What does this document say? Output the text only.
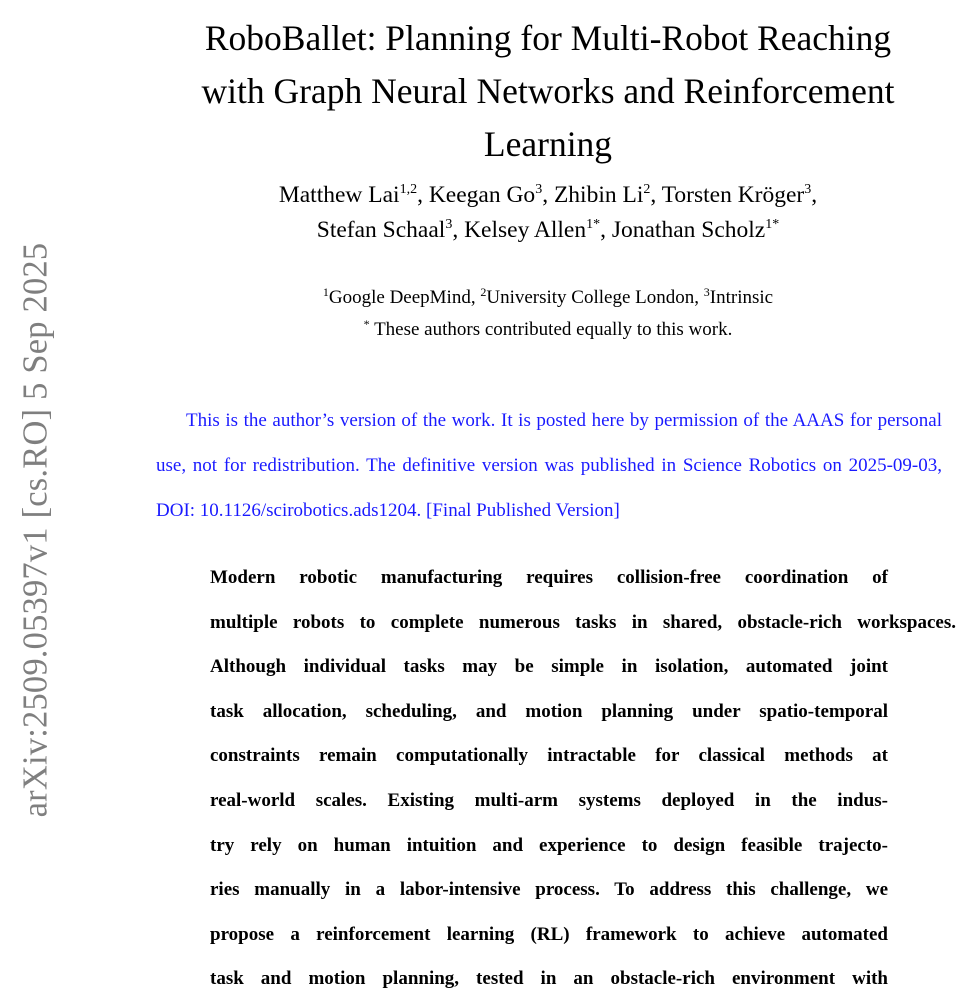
arXiv:2509.05397v1 [cs.RO] 5 Sep 2025
RoboBallet: Planning for Multi-Robot Reaching
with Graph Neural Networks and Reinforcement
Learning
Matthew Lai$^{1,2}$, Keegan Go$^3$, Zhibin Li$^2$, Torsten Kröger$^3$,
Stefan Schaal$^3$, Kelsey Allen$^{1*}$, Jonathan Scholz$^{1*}$
$^1$Google DeepMind, $^2$University College London, $^3$Intrinsic
* These authors contributed equally to this work.
This is the author’s version of the work. It is posted here by permission of the AAAS for personal use, not for redistribution. The definitive version was published in Science Robotics on 2025-09-03, DOI: 10.1126/scirobotics.ads1204. [Final Published Version]
Modern robotic manufacturing requires collision-free coordination of
multiple robots to complete numerous tasks in shared, obstacle-rich workspaces.
Although individual tasks may be simple in isolation, automated joint
task allocation, scheduling, and motion planning under spatio-temporal
constraints remain computationally intractable for classical methods at
real-world scales. Existing multi-arm systems deployed in the indus-
try rely on human intuition and experience to design feasible trajecto-
ries manually in a labor-intensive process. To address this challenge, we
propose a reinforcement learning (RL) framework to achieve automated
task and motion planning, tested in an obstacle-rich environment with
